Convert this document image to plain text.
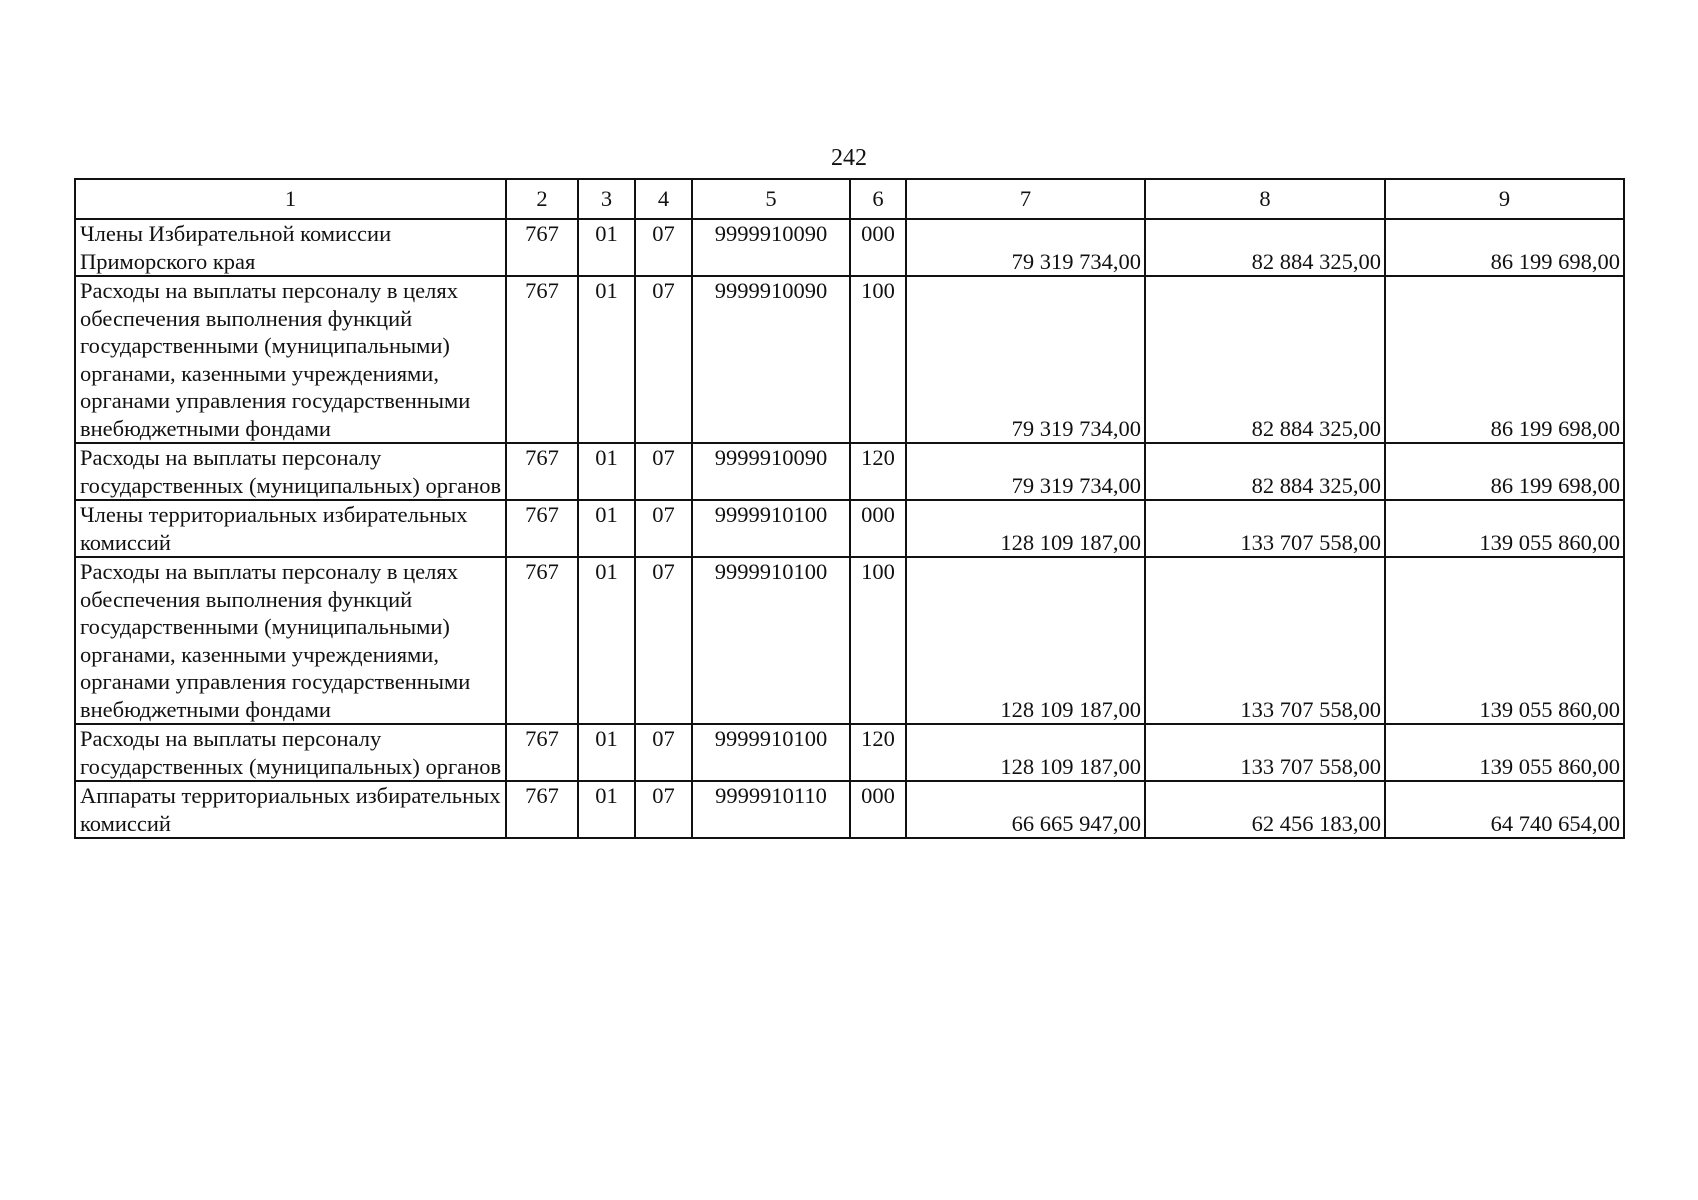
242
1	2	3	4	5	6	7	8	9
Члены Избирательной комиссии Приморского края	767	01	07	9999910090	000	79 319 734,00	82 884 325,00	86 199 698,00
Расходы на выплаты персоналу в целях обеспечения выполнения функций государственными (муниципальными) органами, казенными учреждениями, органами управления государственными внебюджетными фондами	767	01	07	9999910090	100	79 319 734,00	82 884 325,00	86 199 698,00
Расходы на выплаты персоналу государственных (муниципальных) органов	767	01	07	9999910090	120	79 319 734,00	82 884 325,00	86 199 698,00
Члены территориальных избирательных комиссий	767	01	07	9999910100	000	128 109 187,00	133 707 558,00	139 055 860,00
Расходы на выплаты персоналу в целях обеспечения выполнения функций государственными (муниципальными) органами, казенными учреждениями, органами управления государственными внебюджетными фондами	767	01	07	9999910100	100	128 109 187,00	133 707 558,00	139 055 860,00
Расходы на выплаты персоналу государственных (муниципальных) органов	767	01	07	9999910100	120	128 109 187,00	133 707 558,00	139 055 860,00
Аппараты территориальных избирательных комиссий	767	01	07	9999910110	000	66 665 947,00	62 456 183,00	64 740 654,00
